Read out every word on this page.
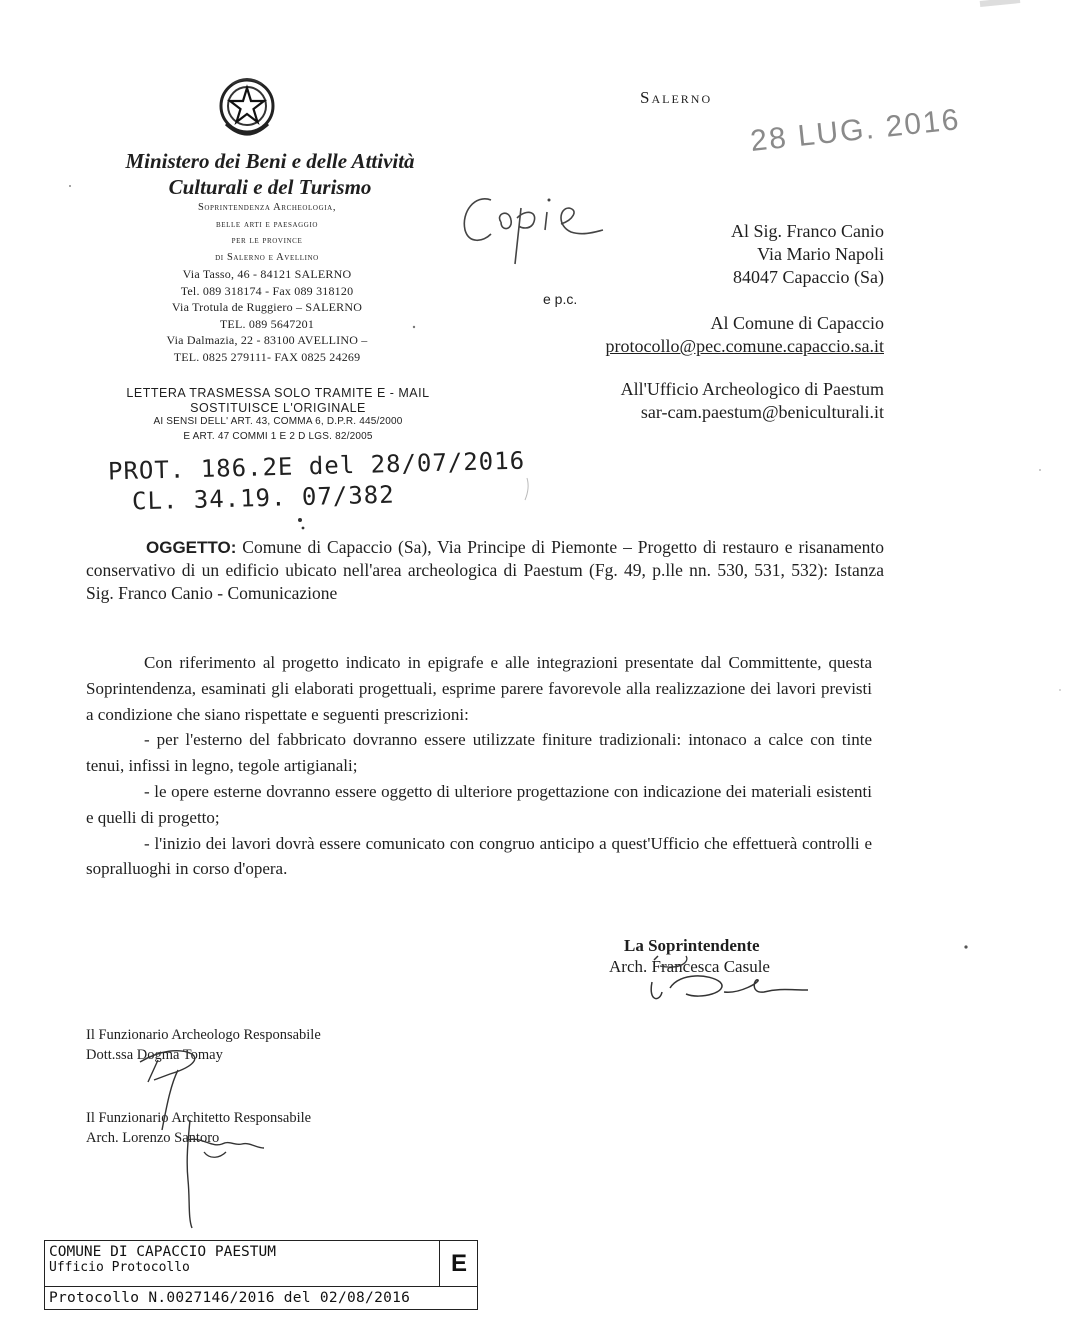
Ministero dei Beni e delle Attività
Culturali e del Turismo
Soprintendenza Archeologia,
belle arti e paesaggio
per le province
di Salerno e Avellino
Via Tasso, 46 - 84121 SALERNO
Tel. 089 318174 - Fax 089 318120
Via Trotula de Ruggiero – SALERNO
TEL. 089 5647201
Via Dalmazia, 22 - 83100 AVELLINO –
TEL. 0825 279111- FAX 0825 24269
LETTERA TRASMESSA SOLO TRAMITE E - MAIL
SOSTITUISCE L'ORIGINALE
AI SENSI DELL' ART. 43, COMMA 6, D.P.R. 445/2000
E ART. 47 COMMI 1 E 2 D LGS. 82/2005
PROT. 186.2E del 28/07/2016
CL. 34.19. 07/382
Salerno
28 LUG. 2016
Al Sig. Franco Canio
Via Mario Napoli
84047 Capaccio (Sa)
e p.c.
Al Comune di Capaccio
protocollo@pec.comune.capaccio.sa.it
All'Ufficio Archeologico di Paestum
sar-cam.paestum@beniculturali.it
OGGETTO: Comune di Capaccio (Sa), Via Principe di Piemonte – Progetto di restauro e risanamento conservativo di un edificio ubicato nell'area archeologica di Paestum (Fg. 49, p.lle nn. 530, 531, 532): Istanza Sig. Franco Canio - Comunicazione

Con riferimento al progetto indicato in epigrafe e alle integrazioni presentate dal Committente, questa Soprintendenza, esaminati gli elaborati progettuali, esprime parere favorevole alla realizzazione dei lavori previsti a condizione che siano rispettate e seguenti prescrizioni:

- per l'esterno del fabbricato dovranno essere utilizzate finiture tradizionali: intonaco a calce con tinte tenui, infissi in legno, tegole artigianali;

- le opere esterne dovranno essere oggetto di ulteriore progettazione con indicazione dei materiali esistenti e quelli di progetto;

- l'inizio dei lavori dovrà essere comunicato con congruo anticipo a quest'Ufficio che effettuerà controlli e sopralluoghi in corso d'opera.

La Soprintendente
Arch. Francesca Casule
Il Funzionario Archeologo Responsabile
Dott.ssa Dogma Tomay
Il Funzionario Architetto Responsabile
Arch. Lorenzo Santoro
COMUNE DI CAPACCIO PAESTUM
Ufficio Protocollo	E
Protocollo N.0027146/2016 del 02/08/2016
